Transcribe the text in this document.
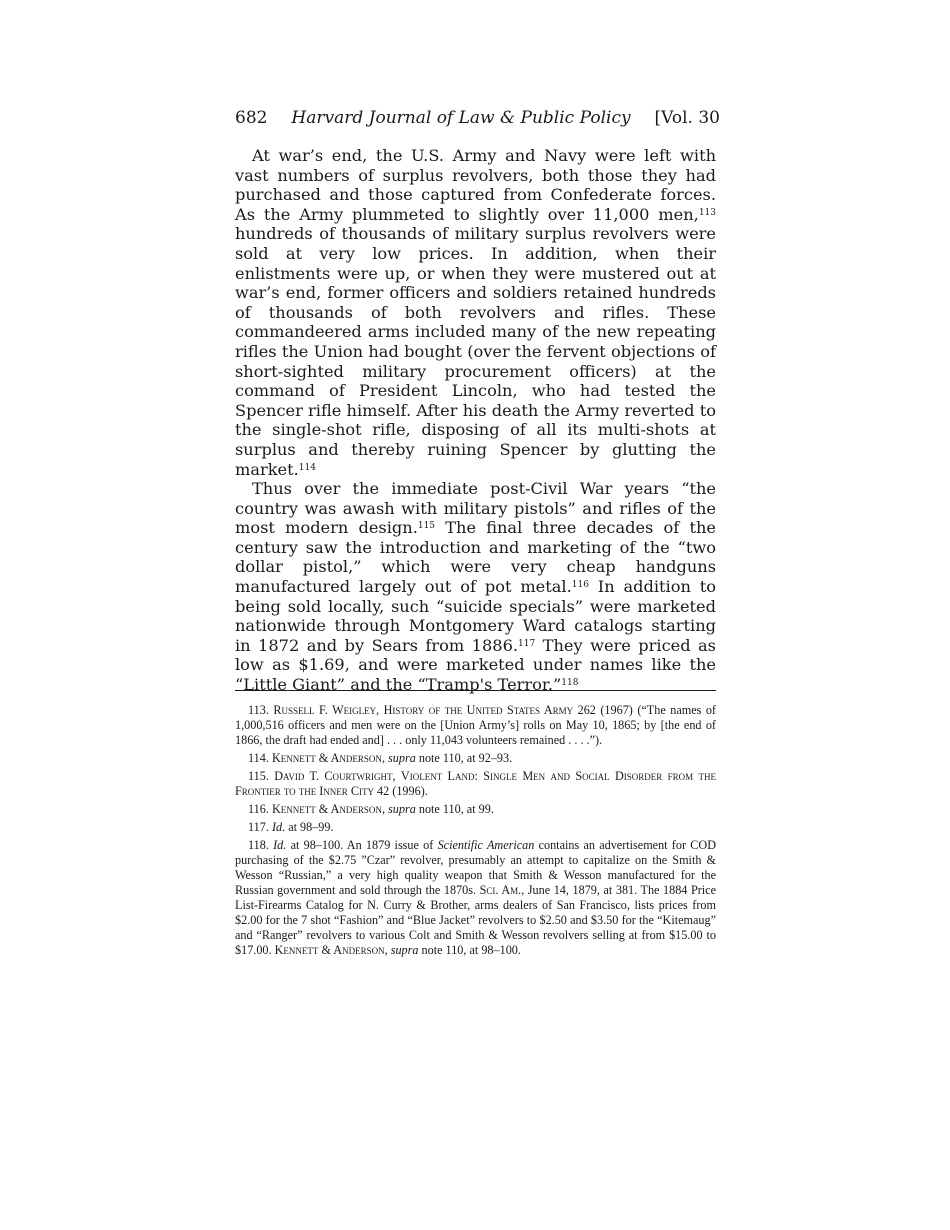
682	Harvard Journal of Law & Public Policy	[Vol. 30

At war’s end, the U.S. Army and Navy were left with vast numbers of surplus revolvers, both those they had purchased and those captured from Confederate forces. As the Army plummeted to slightly over 11,000 men,$^{113}$ hundreds of thousands of military surplus revolvers were sold at very low prices. In addition, when their enlistments were up, or when they were mustered out at war’s end, former officers and soldiers retained hundreds of thousands of both revolvers and rifles. These commandeered arms included many of the new repeating rifles the Union had bought (over the fervent objections of short-sighted military procurement officers) at the command of President Lincoln, who had tested the Spencer rifle himself. After his death the Army reverted to the single-shot rifle, disposing of all its multi-shots at surplus and thereby ruining Spencer by glutting the market.$^{114}$

Thus over the immediate post-Civil War years “the country was awash with military pistols” and rifles of the most modern design.$^{115}$ The final three decades of the century saw the introduction and marketing of the “two dollar pistol,” which were very cheap handguns manufactured largely out of pot metal.$^{116}$ In addition to being sold locally, such “suicide specials” were marketed nationwide through Montgomery Ward catalogs starting in 1872 and by Sears from 1886.$^{117}$ They were priced as low as $1.69, and were marketed under names like the “Little Giant” and the “Tramp's Terror.”$^{118}$

113. Russell F. Weigley, History of the United States Army 262 (1967) (“The names of 1,000,516 officers and men were on the [Union Army’s] rolls on May 10, 1865; by [the end of 1866, the draft had ended and] . . . only 11,043 volunteers remained . . . .”).

114. Kennett & Anderson, supra note 110, at 92–93.

115. David T. Courtwright, Violent Land: Single Men and Social Disorder from the Frontier to the Inner City 42 (1996).

116. Kennett & Anderson, supra note 110, at 99.

117. Id. at 98–99.

118. Id. at 98–100. An 1879 issue of Scientific American contains an advertisement for COD purchasing of the $2.75 ”Czar” revolver, presumably an attempt to capitalize on the Smith & Wesson “Russian,” a very high quality weapon that Smith & Wesson manufactured for the Russian government and sold through the 1870s. Sci. Am., June 14, 1879, at 381. The 1884 Price List-Firearms Catalog for N. Curry & Brother, arms dealers of San Francisco, lists prices from $2.00 for the 7 shot “Fashion” and “Blue Jacket” revolvers to $2.50 and $3.50 for the “Kitemaug” and “Ranger” revolvers to various Colt and Smith & Wesson revolvers selling at from $15.00 to $17.00. Kennett & Anderson, supra note 110, at 98–100.
